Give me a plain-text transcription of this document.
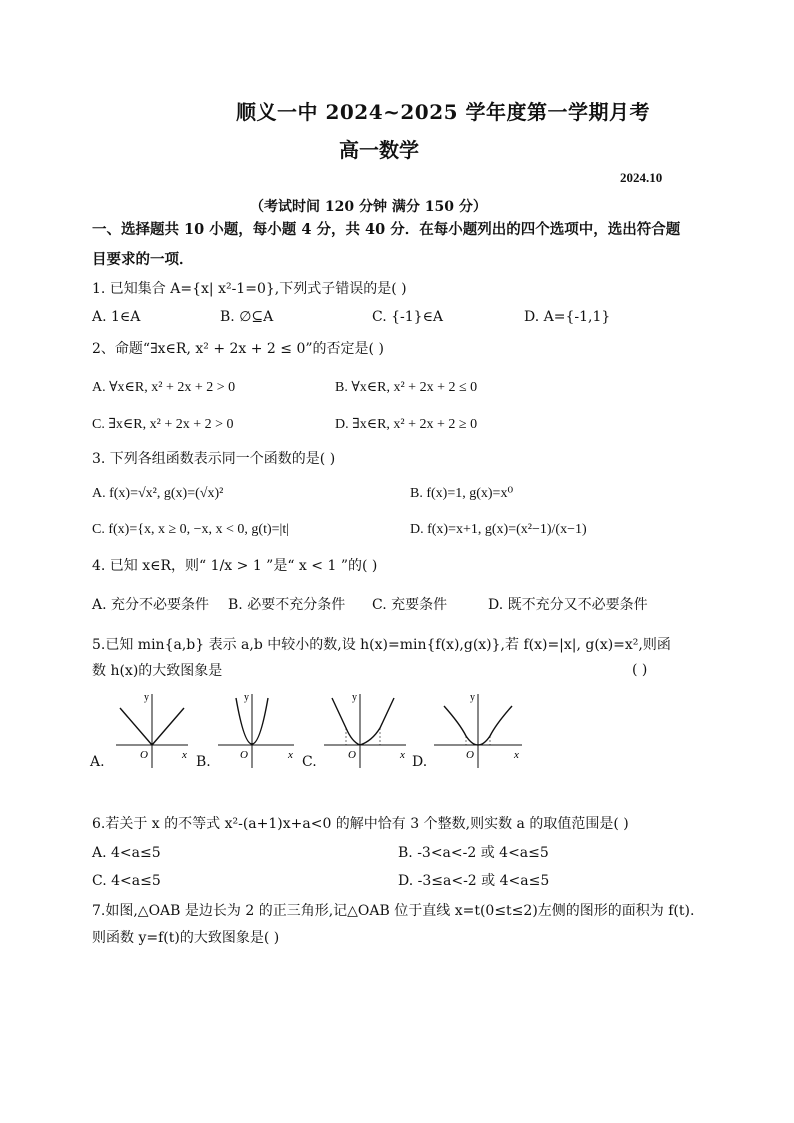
顺义一中 2024~2025 学年度第一学期月考
高一数学
2024.10
（考试时间 120 分钟 满分 150 分）
一、选择题共 10 小题，每小题 4 分，共 40 分．在每小题列出的四个选项中，选出符合题目要求的一项．
1. 已知集合 A={x| x²-1=0},下列式子错误的是( )
A. 1∈A	B. ∅⊆A	C. {-1}∈A	D. A={-1,1}
2、命题“∃x∈R, x² + 2x + 2 ≤ 0”的否定是( )
A. ∀x∈R, x² + 2x + 2 > 0	B. ∀x∈R, x² + 2x + 2 ≤ 0
C. ∃x∈R, x² + 2x + 2 > 0	D. ∃x∈R, x² + 2x + 2 ≥ 0
3. 下列各组函数表示同一个函数的是( )
A. f(x)=√x², g(x)=(√x)²	B. f(x)=1, g(x)=x⁰
C. f(x)={x, x ≥ 0, −x, x < 0, g(t)=|t|	D. f(x)=x+1, g(x)=(x²−1)/(x−1)
4. 已知 x∈R，则“ 1/x > 1 ”是“ x < 1 ”的( )
A. 充分不必要条件 B. 必要不充分条件 C. 充要条件	D. 既不充分又不必要条件
5.已知 min{a,b} 表示 a,b 中较小的数,设 h(x)=min{f(x),g(x)},若 f(x)=|x|, g(x)=x²,则函数 h(x)的大致图象是	( )
y
O	x
A.
y
O	x
B.
y
O	x
C.
y
O	x
D.
6.若关于 x 的不等式 x²-(a+1)x+a<0 的解中恰有 3 个整数,则实数 a 的取值范围是( )
A. 4<a≤5	B. -3<a<-2 或 4<a≤5
C. 4<a≤5	D. -3≤a<-2 或 4<a≤5
7.如图,△OAB 是边长为 2 的正三角形,记△OAB 位于直线 x=t(0≤t≤2)左侧的图形的面积为 f(t).
则函数 y=f(t)的大致图象是( )
